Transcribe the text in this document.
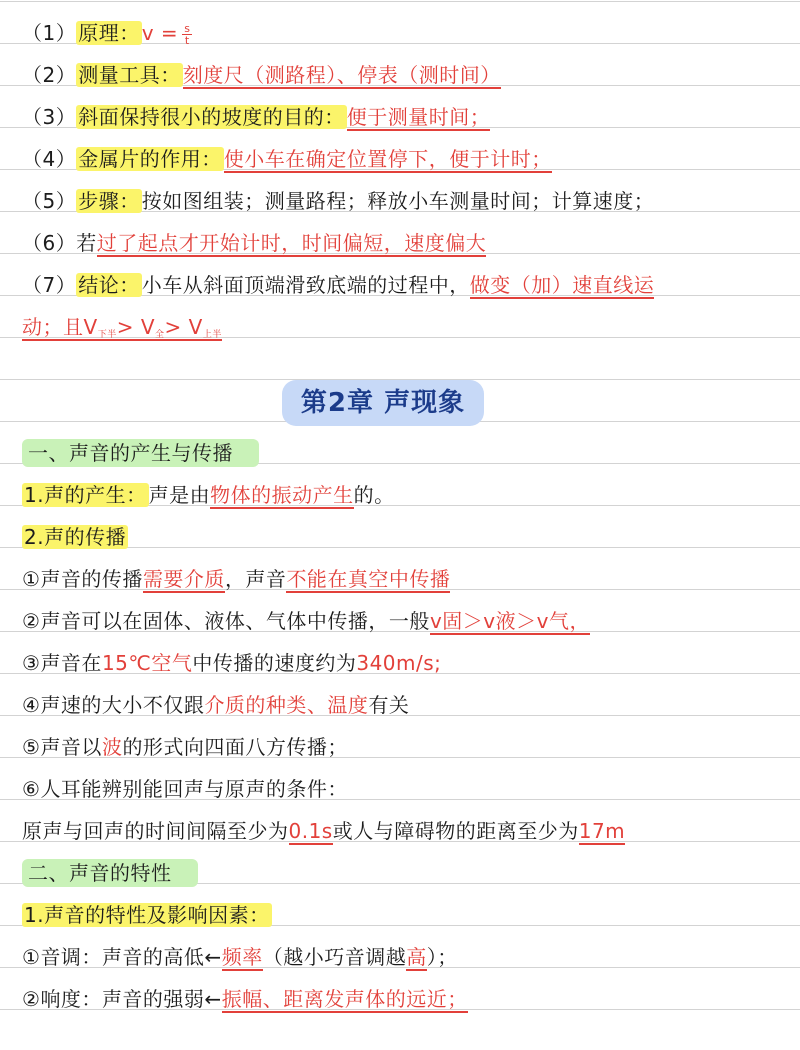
（1） 原理： $v = \frac{s}{t}$
（2） 测量工具： 刻度尺（测路程）、停表（测时间）
（3） 斜面保持很小的坡度的目的： 便于测量时间；
（4） 金属片的作用： 使小车在确定位置停下，便于计时；
（5） 步骤： 按如图组装；测量路程；释放小车测量时间；计算速度；
（6）若过了起点才开始计时，时间偏短，速度偏大
（7） 结论： 小车从斜面顶端滑致底端的过程中，做变（加）速直线运
动；且$V_{下半}> V_全> V_{上半}$
第2章 声现象
一、声音的产生与传播
1.声的产生： 声是由物体的振动产生的。
2.声的传播
①声音的传播需要介质，声音不能在真空中传播
②声音可以在固体、液体、气体中传播，一般v固＞v液＞v气，
③声音在15℃空气中传播的速度约为340m/s;
④声速的大小不仅跟介质的种类、温度有关
⑤声音以波的形式向四面八方传播；
⑥人耳能辨别能回声与原声的条件：
原声与回声的时间间隔至少为0.1s或人与障碍物的距离至少为17m
二、声音的特性
1.声音的特性及影响因素：
①音调：声音的高低←频率（越小巧音调越高）；
②响度：声音的强弱←振幅、距离发声体的远近；
